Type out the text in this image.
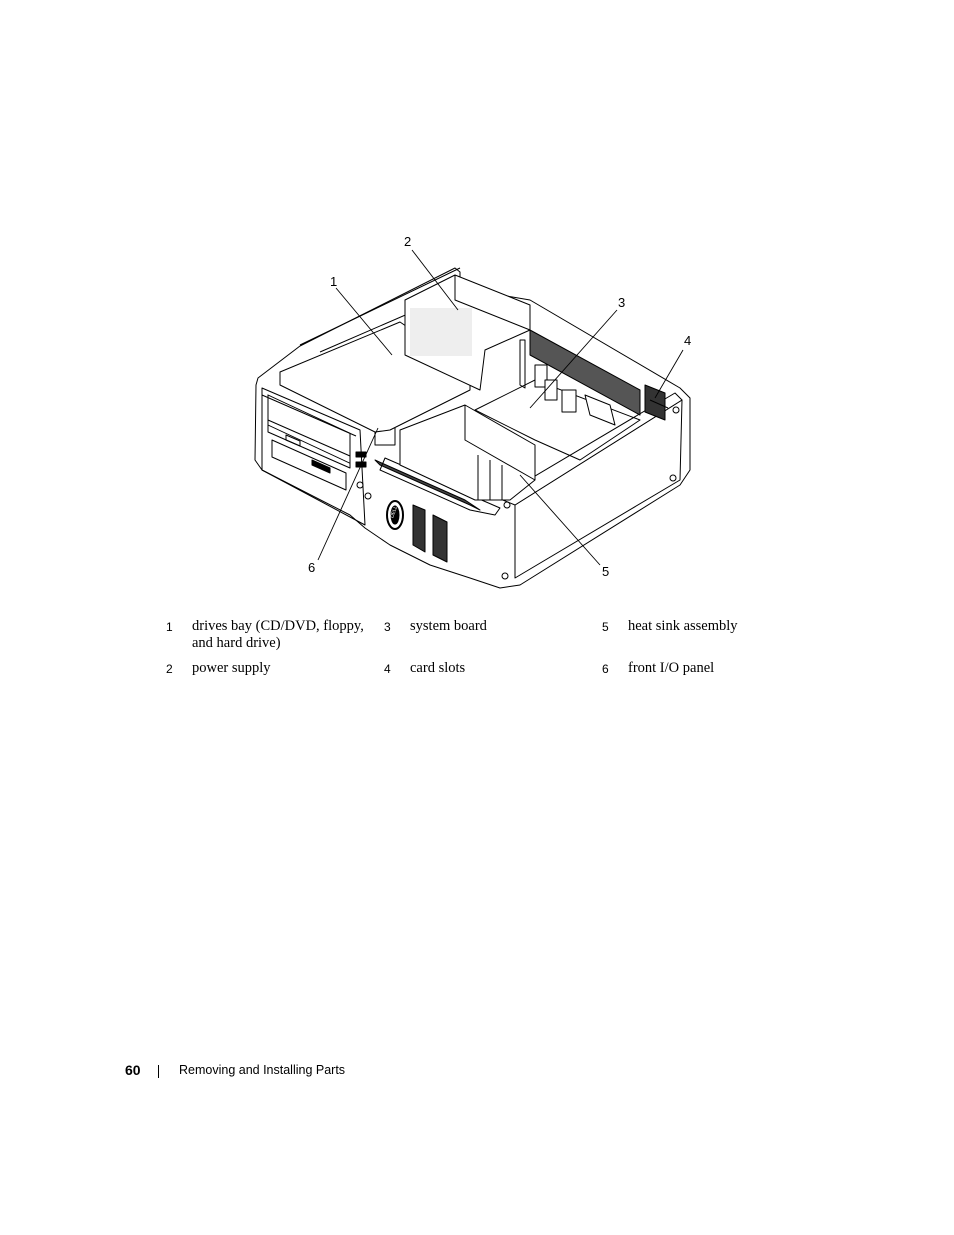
1
2
3
4
5
6
DELL
1	drives bay (CD/DVD, floppy, and hard drive)	3	system board	5	heat sink assembly
2	power supply	4	card slots	6	front I/O panel
60	Removing and Installing Parts
